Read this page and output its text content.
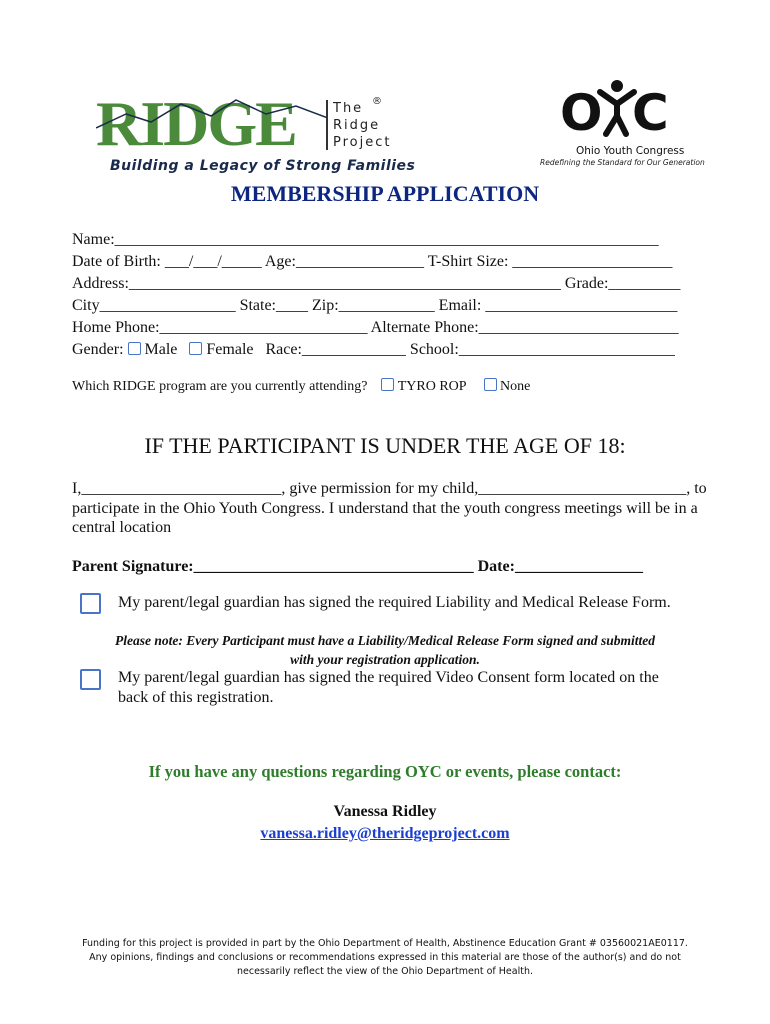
RIDGE	The
Ridge
Project
®
Building a Legacy of Strong Families
O C
Ohio Youth Congress
Redefining the Standard for Our Generation
MEMBERSHIP APPLICATION
Name:____________________________________________________________________
Date of Birth: ___/___/_____ Age:________________ T-Shirt Size: ____________________
Address:______________________________________________________ Grade:_________
City_________________ State:____ Zip:____________ Email: ________________________
Home Phone:__________________________ Alternate Phone:_________________________
Gender: Male Female Race:_____________ School:___________________________
Which RIDGE program are you currently attending? TYRO ROP None
IF THE PARTICIPANT IS UNDER THE AGE OF 18:
I,_________________________, give permission for my child,__________________________, to participate in the Ohio Youth Congress. I understand that the youth congress meetings will be in a central location
Parent Signature:___________________________________ Date:________________
My parent/legal guardian has signed the required Liability and Medical Release Form.
Please note: Every Participant must have a Liability/Medical Release Form signed and submitted
with your registration application.
My parent/legal guardian has signed the required Video Consent form located on the back of this registration.
If you have any questions regarding OYC or events, please contact:
Vanessa Ridley
vanessa.ridley@theridgeproject.com
Funding for this project is provided in part by the Ohio Department of Health, Abstinence Education Grant # 03560021AE0117. Any opinions, findings and conclusions or recommendations expressed in this material are those of the author(s) and do not necessarily reflect the view of the Ohio Department of Health.
